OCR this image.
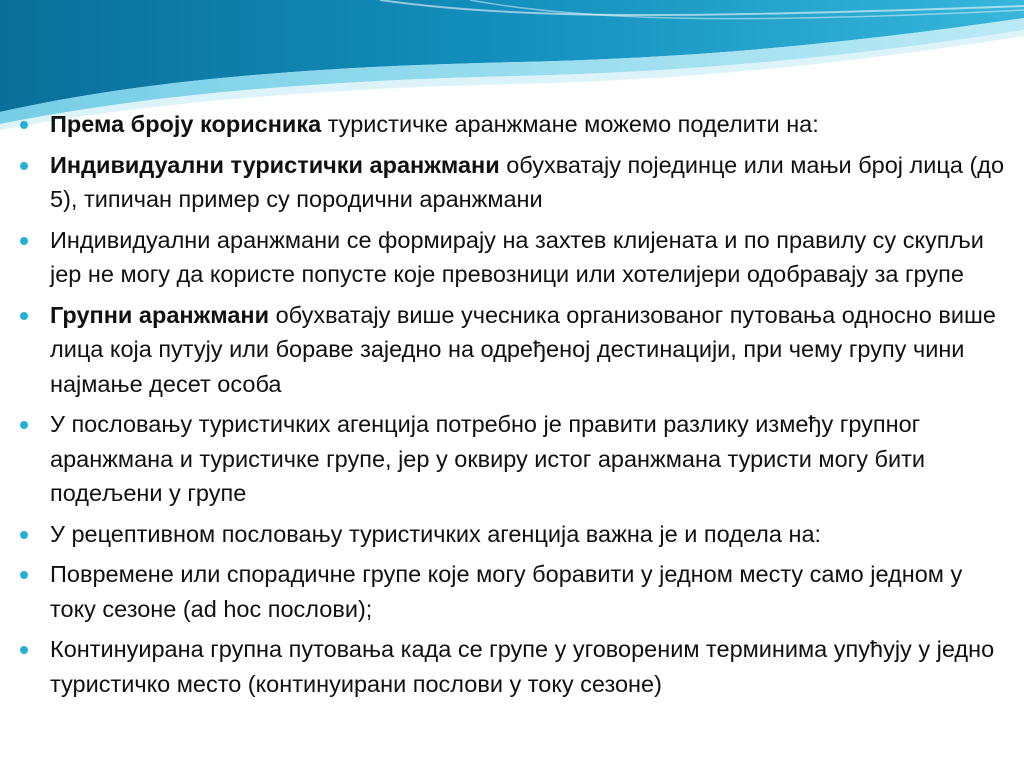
Према броју корисника туристичке аранжмане можемо поделити на:
Индивидуални туристички аранжмани обухватају појединце или мањи број лица (до 5), типичан пример су породични аранжмани
Индивидуални аранжмани се формирају на захтев клијената и по правилу су скупљи јер не могу да користе попусте које превозници или хотелијери одобравају за групе
Групни аранжмани обухватају више учесника организованог путовања односно више лица која путују или бораве заједно на одређеној дестинацији, при чему групу чини најмање десет особа
У пословању туристичких агенција потребно је правити разлику између групног аранжмана и туристичке групе, јер у оквиру истог аранжмана туристи могу бити подељени у групе
У рецептивном пословању туристичких агенција важна је и подела на:
Повремене или спорадичне групе које могу боравити у једном месту само једном у току сезоне (ad hoc послови);
Континуирана групна путовања када се групе у уговореним терминима упућују у једно туристичко место (континуирани послови у току сезоне)
